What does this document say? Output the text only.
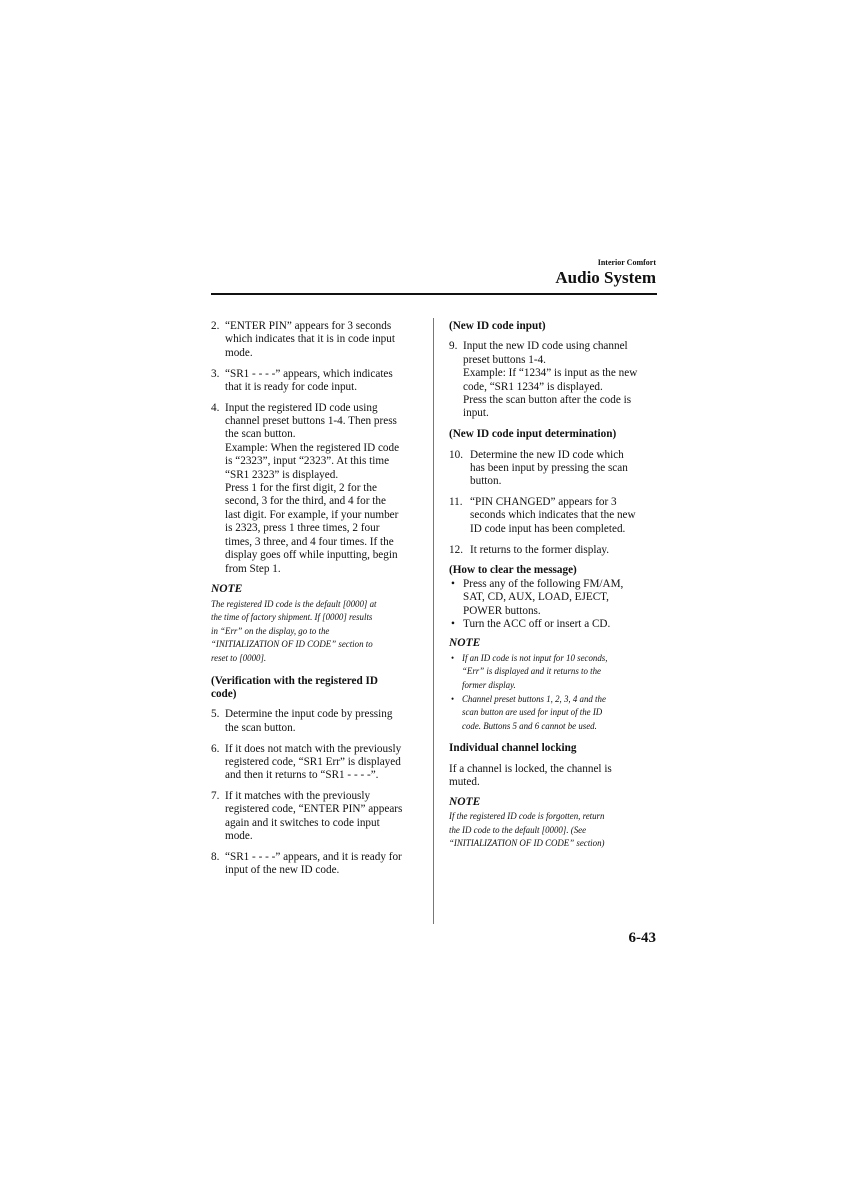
Interior Comfort
Audio System
2. “ENTER PIN” appears for 3 seconds
which indicates that it is in code input
mode.
3. “SR1 - - - -” appears, which indicates
that it is ready for code input.
4. Input the registered ID code using
channel preset buttons 1-4. Then press
the scan button.
Example: When the registered ID code
is “2323”, input “2323”. At this time
“SR1 2323” is displayed.
Press 1 for the first digit, 2 for the
second, 3 for the third, and 4 for the
last digit. For example, if your number
is 2323, press 1 three times, 2 four
times, 3 three, and 4 four times. If the
display goes off while inputting, begin
from Step 1.
NOTE
The registered ID code is the default [0000] at
the time of factory shipment. If [0000] results
in “Err” on the display, go to the
“INITIALIZATION OF ID CODE” section to
reset to [0000].
(Verification with the registered ID
code)
5. Determine the input code by pressing
the scan button.
6. If it does not match with the previously
registered code, “SR1 Err” is displayed
and then it returns to “SR1 - - - -”.
7. If it matches with the previously
registered code, “ENTER PIN” appears
again and it switches to code input
mode.
8. “SR1 - - - -” appears, and it is ready for
input of the new ID code.
(New ID code input)
9. Input the new ID code using channel
preset buttons 1-4.
Example: If “1234” is input as the new
code, “SR1 1234” is displayed.
Press the scan button after the code is
input.
(New ID code input determination)
10. Determine the new ID code which
has been input by pressing the scan
button.
11. “PIN CHANGED” appears for 3
seconds which indicates that the new
ID code input has been completed.
12. It returns to the former display.
(How to clear the message)
• Press any of the following FM/AM,
SAT, CD, AUX, LOAD, EJECT,
POWER buttons.
• Turn the ACC off or insert a CD.
NOTE
• If an ID code is not input for 10 seconds,
“Err” is displayed and it returns to the
former display.
• Channel preset buttons 1, 2, 3, 4 and the
scan button are used for input of the ID
code. Buttons 5 and 6 cannot be used.
Individual channel locking
If a channel is locked, the channel is
muted.
NOTE
If the registered ID code is forgotten, return
the ID code to the default [0000]. (See
“INITIALIZATION OF ID CODE” section)
6-43
